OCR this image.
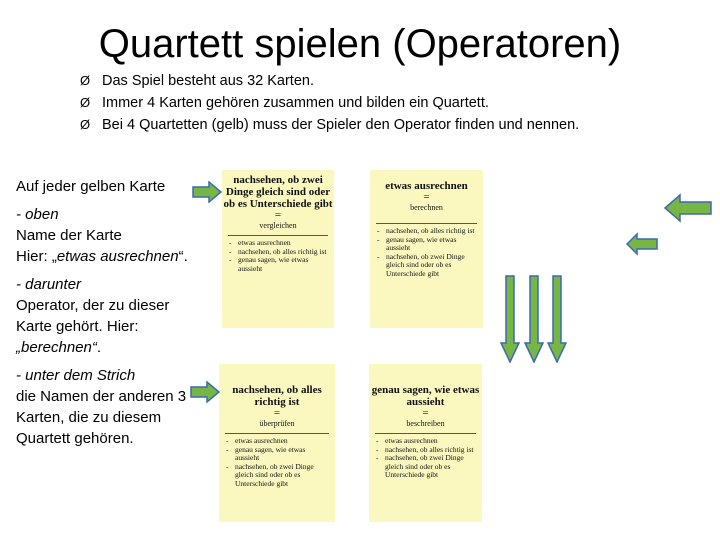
Quartett spielen (Operatoren)
Ø Das Spiel besteht aus 32 Karten.
Ø Immer 4 Karten gehören zusammen und bilden ein Quartett.
Ø Bei 4 Quartetten (gelb) muss der Spieler den Operator finden und nennen.

Auf jeder gelben Karte

- oben
Name der Karte
Hier: „etwas ausrechnen“.

- darunter
Operator, der zu dieser Karte gehört. Hier: „berechnen“.

- unter dem Strich
die Namen der anderen 3 Karten, die zu diesem Quartett gehören.

nachsehen, ob zwei Dinge gleich sind oder ob es Unterschiede gibt
=
vergleichen
- etwas ausrechnen
- nachsehen, ob alles richtig ist
- genau sagen, wie etwas aussieht
etwas ausrechnen
=
berechnen
- nachsehen, ob alles richtig ist
- genau sagen, wie etwas aussieht
- nachsehen, ob zwei Dinge gleich sind oder ob es Unterschiede gibt
nachsehen, ob alles richtig ist
=
überprüfen
- etwas ausrechnen
- genau sagen, wie etwas aussieht
- nachsehen, ob zwei Dinge gleich sind oder ob es Unterschiede gibt
genau sagen, wie etwas aussieht
=
beschreiben
- etwas ausrechnen
- nachsehen, ob alles richtig ist
- nachsehen, ob zwei Dinge gleich sind oder ob es Unterschiede gibt
